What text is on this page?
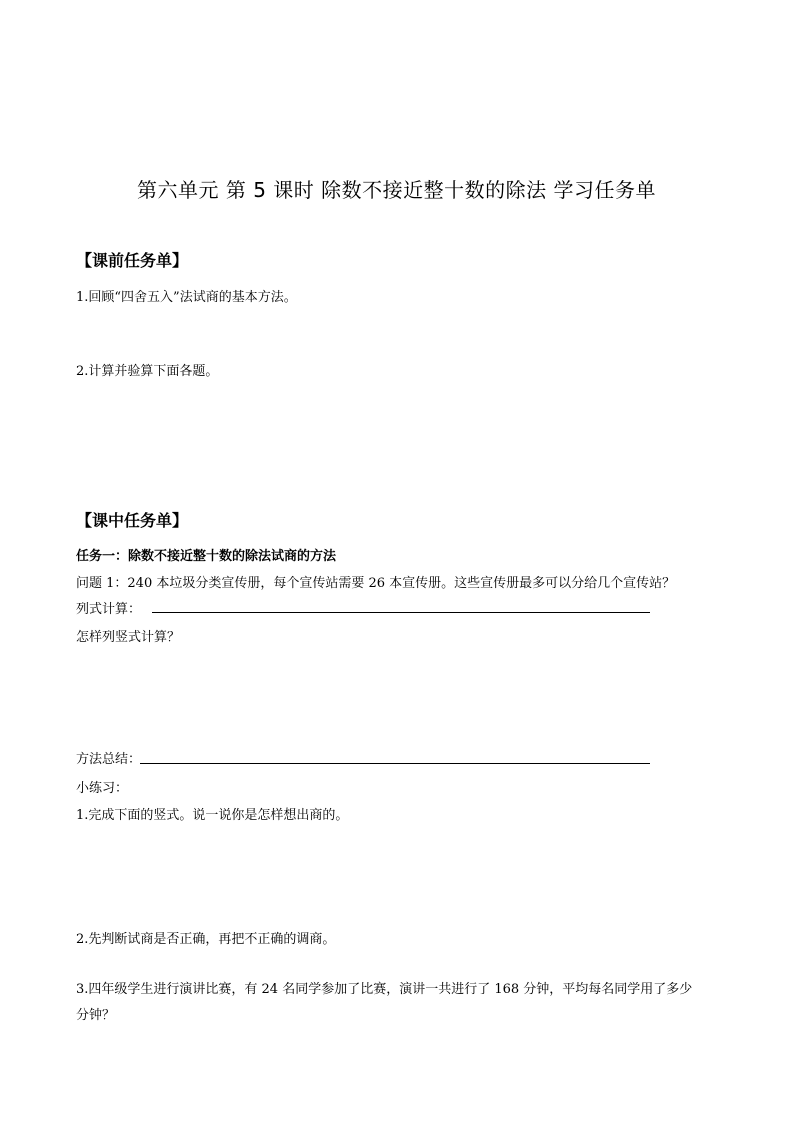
第六单元 第 5 课时 除数不接近整十数的除法 学习任务单
【课前任务单】
1.回顾“四舍五入”法试商的基本方法。
2.计算并验算下面各题。
【课中任务单】
任务一：除数不接近整十数的除法试商的方法
问题 1：240 本垃圾分类宣传册，每个宣传站需要 26 本宣传册。这些宣传册最多可以分给几个宣传站？
列式计算：
怎样列竖式计算？
方法总结：
小练习：
1.完成下面的竖式。说一说你是怎样想出商的。
2.先判断试商是否正确，再把不正确的调商。
3.四年级学生进行演讲比赛，有 24 名同学参加了比赛，演讲一共进行了 168 分钟，平均每名同学用了多少
分钟？
